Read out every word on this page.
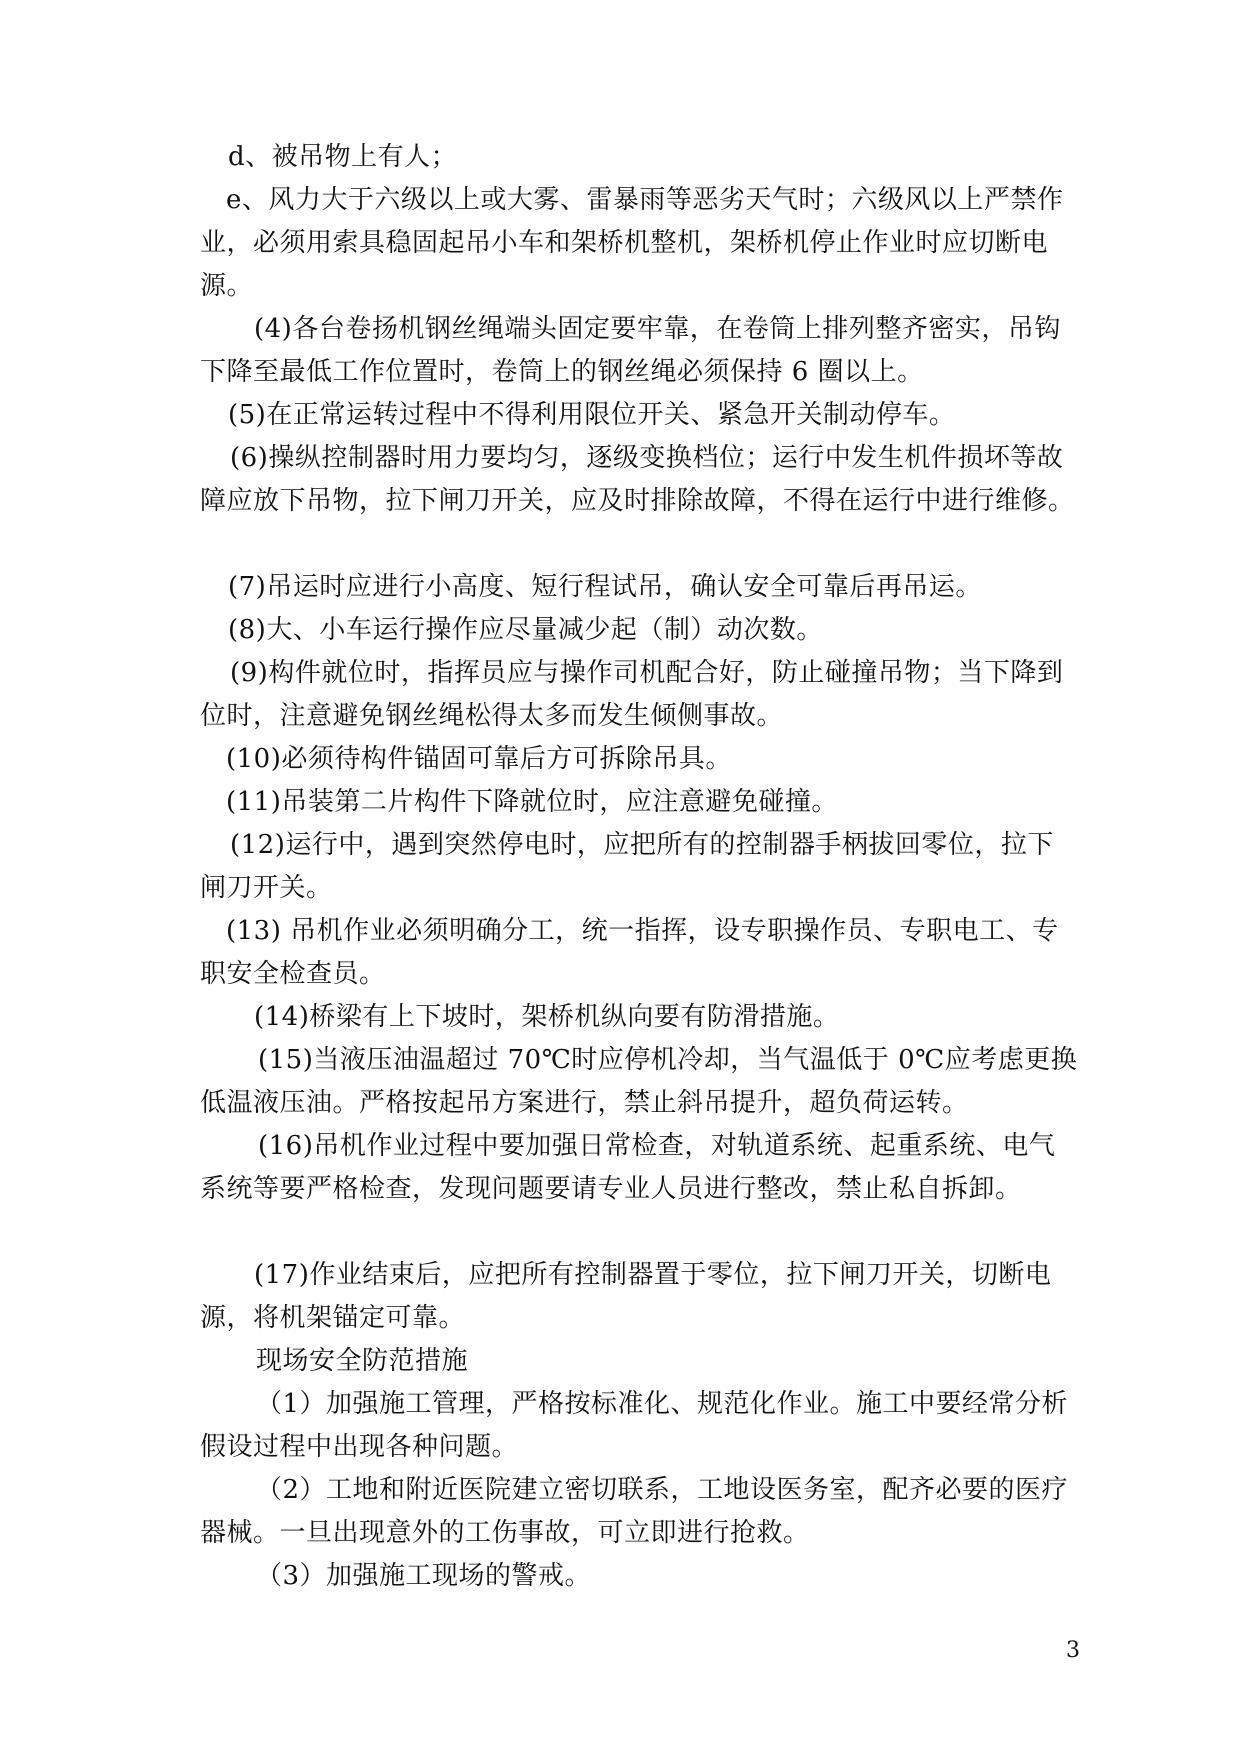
d、被吊物上有人；

e、风力大于六级以上或大雾、雷暴雨等恶劣天气时；六级风以上严禁作业，必须用索具稳固起吊小车和架桥机整机，架桥机停止作业时应切断电源。

(4)各台卷扬机钢丝绳端头固定要牢靠，在卷筒上排列整齐密实，吊钩下降至最低工作位置时，卷筒上的钢丝绳必须保持 6 圈以上。

(5)在正常运转过程中不得利用限位开关、紧急开关制动停车。

(6)操纵控制器时用力要均匀，逐级变换档位；运行中发生机件损坏等故障应放下吊物，拉下闸刀开关，应及时排除故障，不得在运行中进行维修。

(7)吊运时应进行小高度、短行程试吊，确认安全可靠后再吊运。

(8)大、小车运行操作应尽量减少起（制）动次数。

(9)构件就位时，指挥员应与操作司机配合好，防止碰撞吊物；当下降到位时，注意避免钢丝绳松得太多而发生倾侧事故。

(10)必须待构件锚固可靠后方可拆除吊具。

(11)吊装第二片构件下降就位时，应注意避免碰撞。

(12)运行中，遇到突然停电时，应把所有的控制器手柄拔回零位，拉下闸刀开关。

(13) 吊机作业必须明确分工，统一指挥，设专职操作员、专职电工、专职安全检查员。

(14)桥梁有上下坡时，架桥机纵向要有防滑措施。

(15)当液压油温超过 70℃时应停机冷却，当气温低于 0℃应考虑更换低温液压油。严格按起吊方案进行，禁止斜吊提升，超负荷运转。

(16)吊机作业过程中要加强日常检查，对轨道系统、起重系统、电气系统等要严格检查，发现问题要请专业人员进行整改，禁止私自拆卸。

(17)作业结束后，应把所有控制器置于零位，拉下闸刀开关，切断电源，将机架锚定可靠。

现场安全防范措施

（1）加强施工管理，严格按标准化、规范化作业。施工中要经常分析假设过程中出现各种问题。

（2）工地和附近医院建立密切联系，工地设医务室，配齐必要的医疗器械。一旦出现意外的工伤事故，可立即进行抢救。

（3）加强施工现场的警戒。

3
